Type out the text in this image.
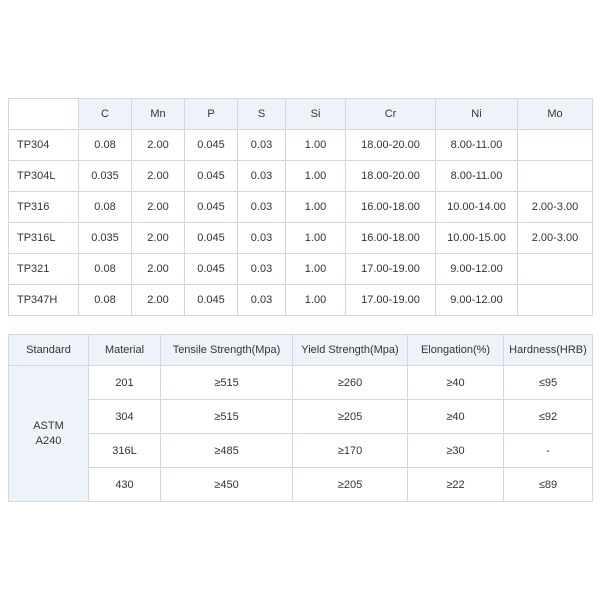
	C	Mn	P	S	Si	Cr	Ni	Mo
TP304	0.08	2.00	0.045	0.03	1.00	18.00-20.00	8.00-11.00	
TP304L	0.035	2.00	0.045	0.03	1.00	18.00-20.00	8.00-11.00	
TP316	0.08	2.00	0.045	0.03	1.00	16.00-18.00	10.00-14.00	2.00-3.00
TP316L	0.035	2.00	0.045	0.03	1.00	16.00-18.00	10.00-15.00	2.00-3.00
TP321	0.08	2.00	0.045	0.03	1.00	17.00-19.00	9.00-12.00	
TP347H	0.08	2.00	0.045	0.03	1.00	17.00-19.00	9.00-12.00	
Standard	Material	Tensile Strength(Mpa)	Yield Strength(Mpa)	Elongation(%)	Hardness(HRB)

ASTM
A240	201	≥515	≥260	≥40	≤95
	304	≥515	≥205	≥40	≤92
	316L	≥485	≥170	≥30	-
	430	≥450	≥205	≥22	≤89
